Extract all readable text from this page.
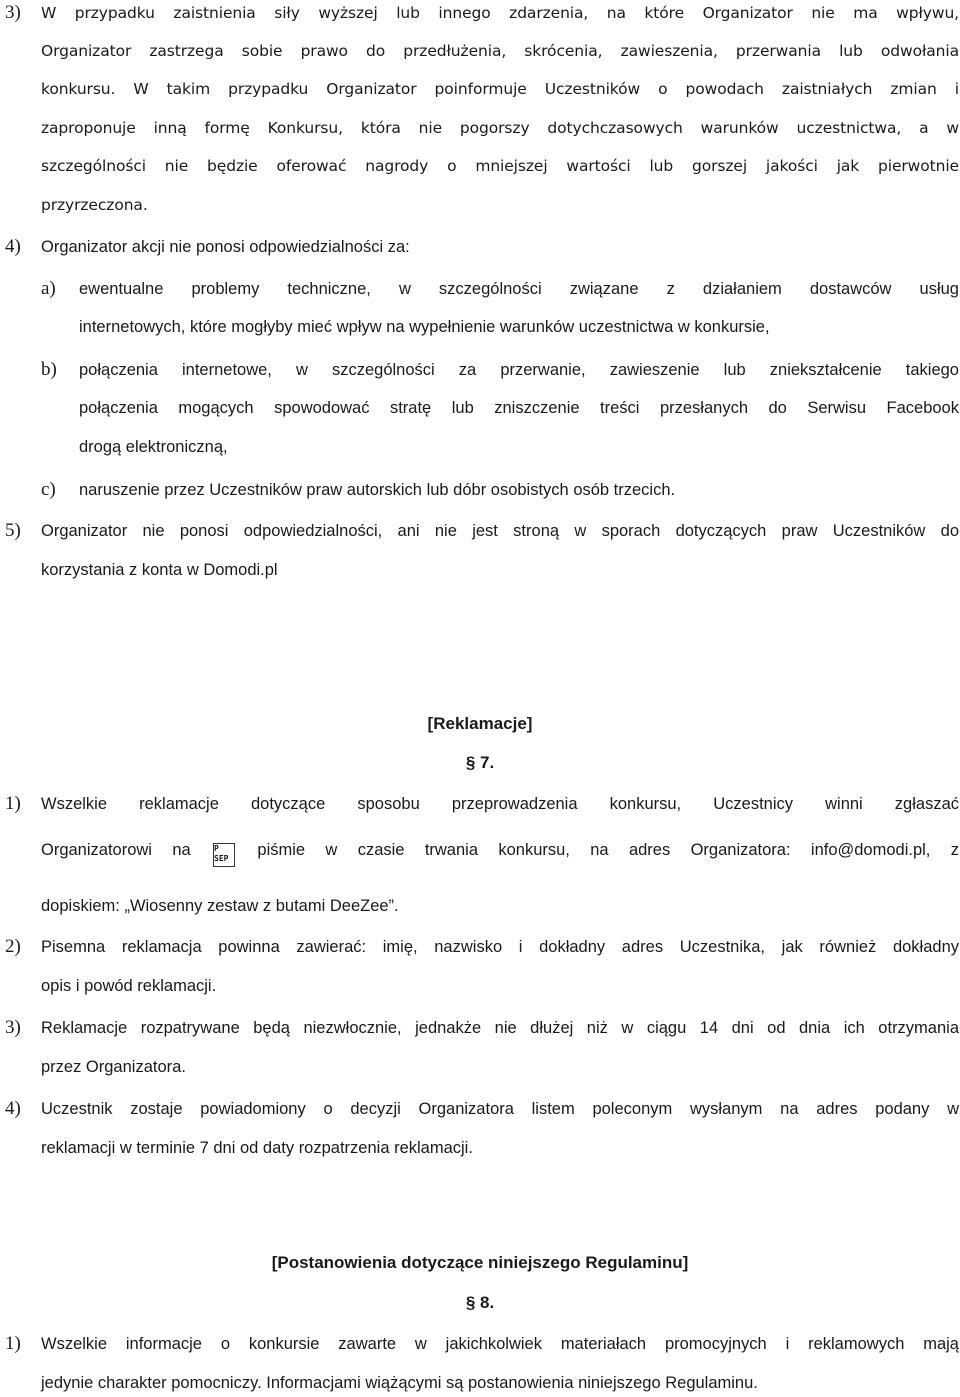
3) W przypadku zaistnienia siły wyższej lub innego zdarzenia, na które Organizator nie ma wpływu,
Organizator zastrzega sobie prawo do przedłużenia, skrócenia, zawieszenia, przerwania lub odwołania
konkursu. W takim przypadku Organizator poinformuje Uczestników o powodach zaistniałych zmian i
zaproponuje inną formę Konkursu, która nie pogorszy dotychczasowych warunków uczestnictwa, a w
szczególności nie będzie oferować nagrody o mniejszej wartości lub gorszej jakości jak pierwotnie
przyrzeczona.
4) Organizator akcji nie ponosi odpowiedzialności za:
a) ewentualne problemy techniczne, w szczególności związane z działaniem dostawców usług
internetowych, które mogłyby mieć wpływ na wypełnienie warunków uczestnictwa w konkursie,
b) połączenia internetowe, w szczególności za przerwanie, zawieszenie lub zniekształcenie takiego
połączenia mogących spowodować stratę lub zniszczenie treści przesłanych do Serwisu Facebook
drogą elektroniczną,
c) naruszenie przez Uczestników praw autorskich lub dóbr osobistych osób trzecich.
5) Organizator nie ponosi odpowiedzialności, ani nie jest stroną w sporach dotyczących praw Uczestników do
korzystania z konta w Domodi.pl
[Reklamacje]
§ 7.
1) Wszelkie reklamacje dotyczące sposobu przeprowadzenia konkursu, Uczestnicy winni zgłaszać
Organizatorowi na	P
SEP	piśmie w czasie trwania konkursu, na adres Organizatora: info@domodi.pl, z
dopiskiem: „Wiosenny zestaw z butami DeeZee”.
2) Pisemna reklamacja powinna zawierać: imię, nazwisko i dokładny adres Uczestnika, jak również dokładny
opis i powód reklamacji.
3) Reklamacje rozpatrywane będą niezwłocznie, jednakże nie dłużej niż w ciągu 14 dni od dnia ich otrzymania
przez Organizatora.
4) Uczestnik zostaje powiadomiony o decyzji Organizatora listem poleconym wysłanym na adres podany w
reklamacji w terminie 7 dni od daty rozpatrzenia reklamacji.
[Postanowienia dotyczące niniejszego Regulaminu]
§ 8.
1) Wszelkie informacje o konkursie zawarte w jakichkolwiek materiałach promocyjnych i reklamowych mają
jedynie charakter pomocniczy. Informacjami wiążącymi są postanowienia niniejszego Regulaminu.
